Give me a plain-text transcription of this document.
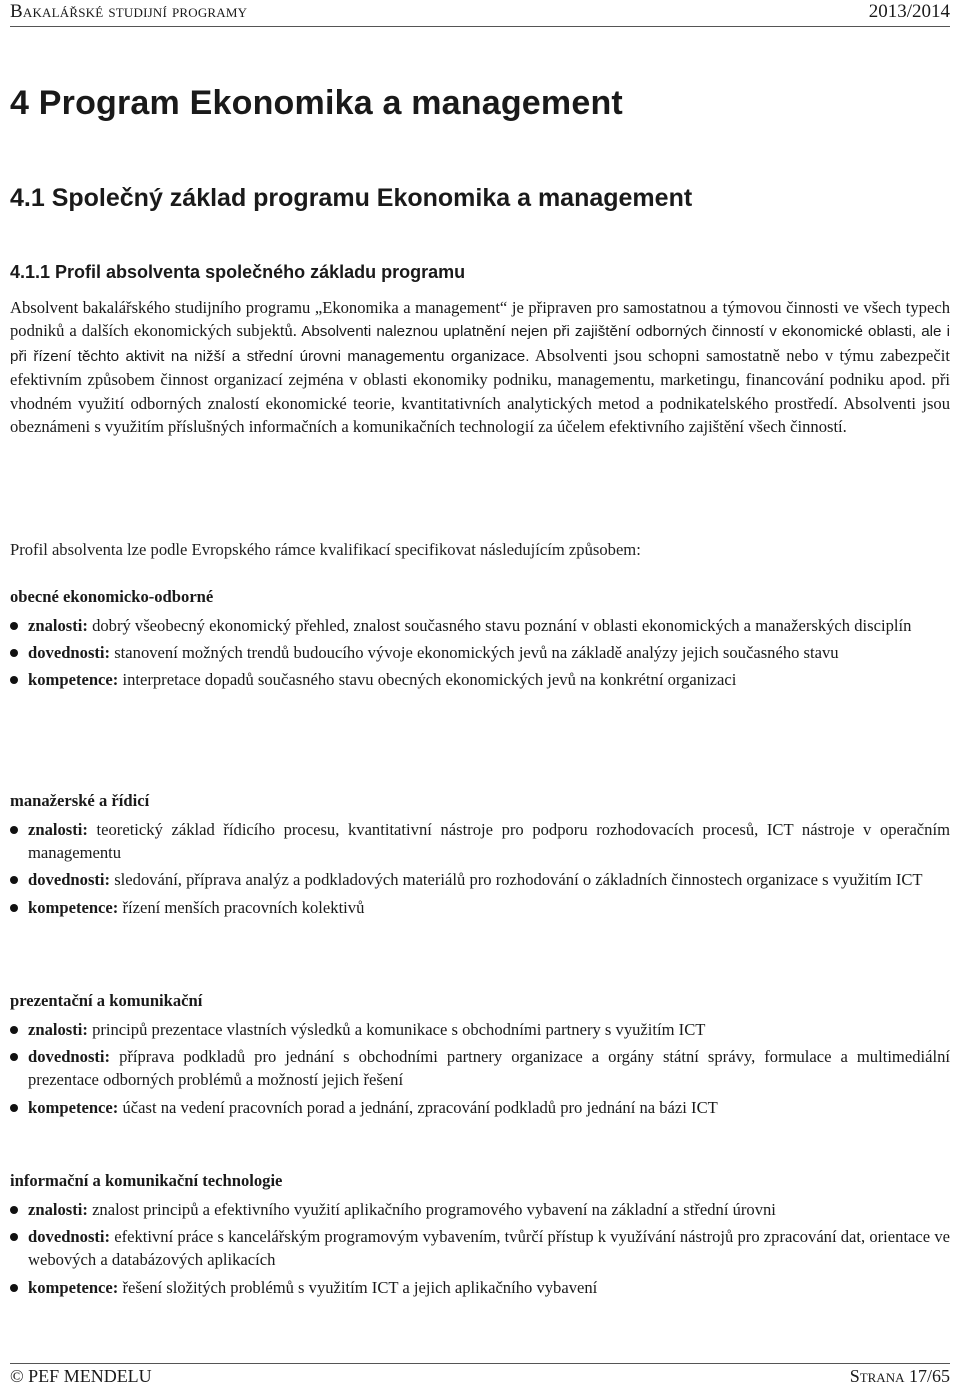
Bakalářské studijní programy	2013/2014
4 Program Ekonomika a management
4.1 Společný základ programu Ekonomika a management
4.1.1 Profil absolventa společného základu programu

Absolvent bakalářského studijního programu „Ekonomika a management“ je připraven pro samostatnou a týmovou činnosti ve všech typech podniků a dalších ekonomických subjektů. Absolventi naleznou uplatnění nejen při zajištění odborných činností v ekonomické oblasti, ale i při řízení těchto aktivit na nižší a střední úrovni managementu organizace. Absolventi jsou schopni samostatně nebo v týmu zabezpečit efektivním způsobem činnost organizací zejména v oblasti ekonomiky podniku, managementu, marketingu, financování podniku apod. při vhodném využití odborných znalostí ekonomické teorie, kvantitativních analytických metod a podnikatelského prostředí. Absolventi jsou obeznámeni s využitím příslušných informačních a komunikačních technologií za účelem efektivního zajištění všech činností.

Profil absolventa lze podle Evropského rámce kvalifikací specifikovat následujícím způsobem:

obecné ekonomicko-odborné
znalosti: dobrý všeobecný ekonomický přehled, znalost současného stavu poznání v oblasti ekonomických a manažerských disciplín
dovednosti: stanovení možných trendů budoucího vývoje ekonomických jevů na základě analýzy jejich současného stavu
kompetence: interpretace dopadů současného stavu obecných ekonomických jevů na konkrétní organizaci
manažerské a řídicí
znalosti: teoretický základ řídicího procesu, kvantitativní nástroje pro podporu rozhodovacích procesů, ICT nástroje v operačním managementu
dovednosti: sledování, příprava analýz a podkladových materiálů pro rozhodování o základních činnostech organizace s využitím ICT
kompetence: řízení menších pracovních kolektivů
prezentační a komunikační
znalosti: principů prezentace vlastních výsledků a komunikace s obchodními partnery s využitím ICT
dovednosti: příprava podkladů pro jednání s obchodními partnery organizace a orgány státní správy, formulace a multimediální prezentace odborných problémů a možností jejich řešení
kompetence: účast na vedení pracovních porad a jednání, zpracování podkladů pro jednání na bázi ICT
informační a komunikační technologie
znalosti: znalost principů a efektivního využití aplikačního programového vybavení na základní a střední úrovni
dovednosti: efektivní práce s kancelářským programovým vybavením, tvůrčí přístup k využívání nástrojů pro zpracování dat, orientace ve webových a databázových aplikacích
kompetence: řešení složitých problémů s využitím ICT a jejich aplikačního vybavení
© PEF MENDELU	Strana 17/65
